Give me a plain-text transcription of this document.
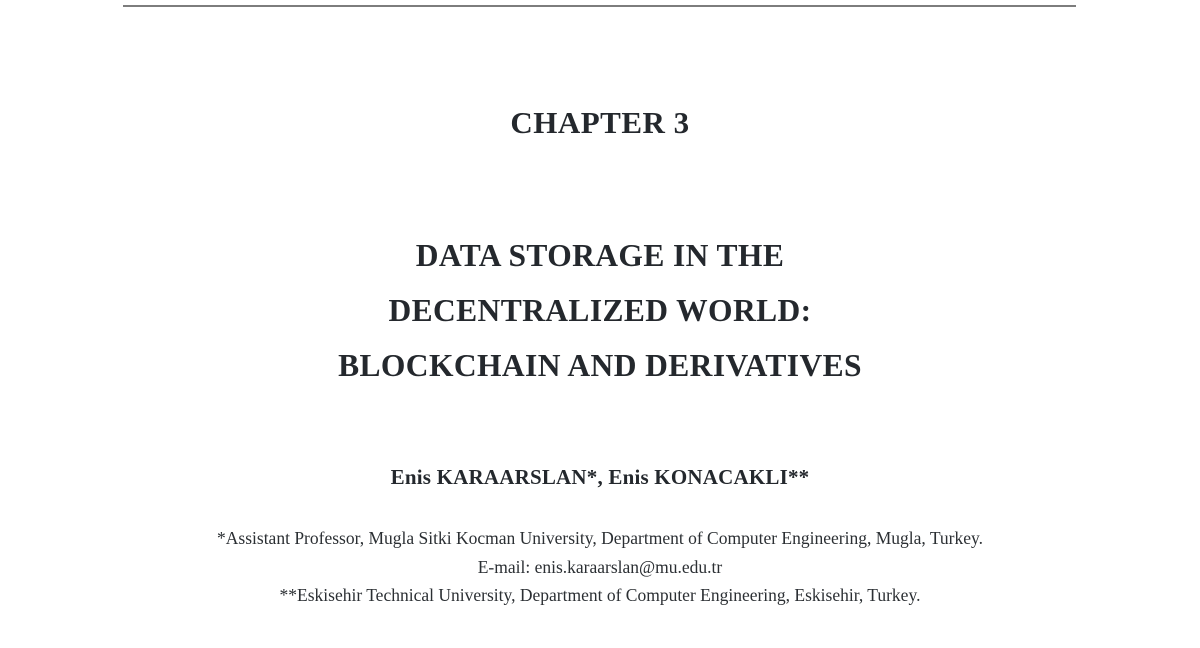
CHAPTER 3
DATA STORAGE IN THE
DECENTRALIZED WORLD:
BLOCKCHAIN AND DERIVATIVES
Enis KARAARSLAN*, Enis KONACAKLI**
*Assistant Professor, Mugla Sitki Kocman University, Department of Computer Engineering, Mugla, Turkey.
E-mail: enis.karaarslan@mu.edu.tr
**Eskisehir Technical University, Department of Computer Engineering, Eskisehir, Turkey.
